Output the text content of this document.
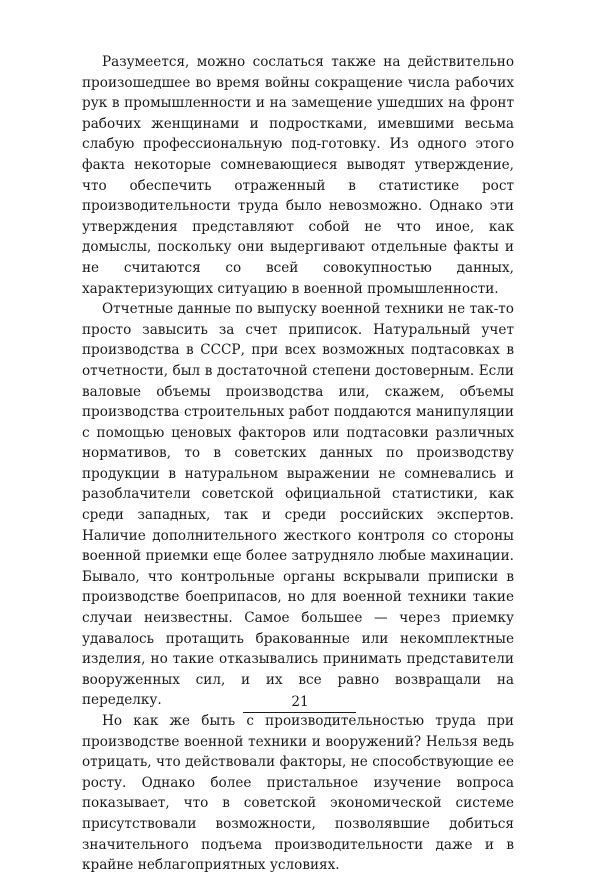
Разумеется, можно сослаться также на действительно произошедшее во время войны сокращение числа рабочих рук в промышленности и на замещение ушедших на фронт рабочих женщинами и подростками, имевшими весьма слабую профессиональную под-готовку. Из одного этого факта некоторые сомневающиеся выводят утверждение, что обеспечить отраженный в статистике рост производительности труда было невозможно. Однако эти утверждения представляют собой не что иное, как домыслы, поскольку они выдергивают отдельные факты и не считаются со всей совокупностью данных, характеризующих ситуацию в военной промышленности.

Отчетные данные по выпуску военной техники не так-то просто завысить за счет приписок. Натуральный учет производства в СССР, при всех возможных подтасовках в отчетности, был в достаточной степени достоверным. Если валовые объемы производства или, скажем, объемы производства строительных работ поддаются манипуляции с помощью ценовых факторов или подтасовки различных нормативов, то в советских данных по производству продукции в натуральном выражении не сомневались и разоблачители советской официальной статистики, как среди западных, так и среди российских экспертов. Наличие дополнительного жесткого контроля со стороны военной приемки еще более затрудняло любые махинации. Бывало, что контрольные органы вскрывали приписки в производстве боеприпасов, но для военной техники такие случаи неизвестны. Самое большее — через приемку удавалось протащить бракованные или некомплектные изделия, но такие отказывались принимать представители вооруженных сил, и их все равно возвращали на переделку.

Но как же быть с производительностью труда при производстве военной техники и вооружений? Нельзя ведь отрицать, что действовали факторы, не способствующие ее росту. Однако более пристальное изучение вопроса показывает, что в советской экономической системе присутствовали возможности, позволявшие добиться значительного подъема производительности даже и в крайне неблагоприятных условиях.

21
